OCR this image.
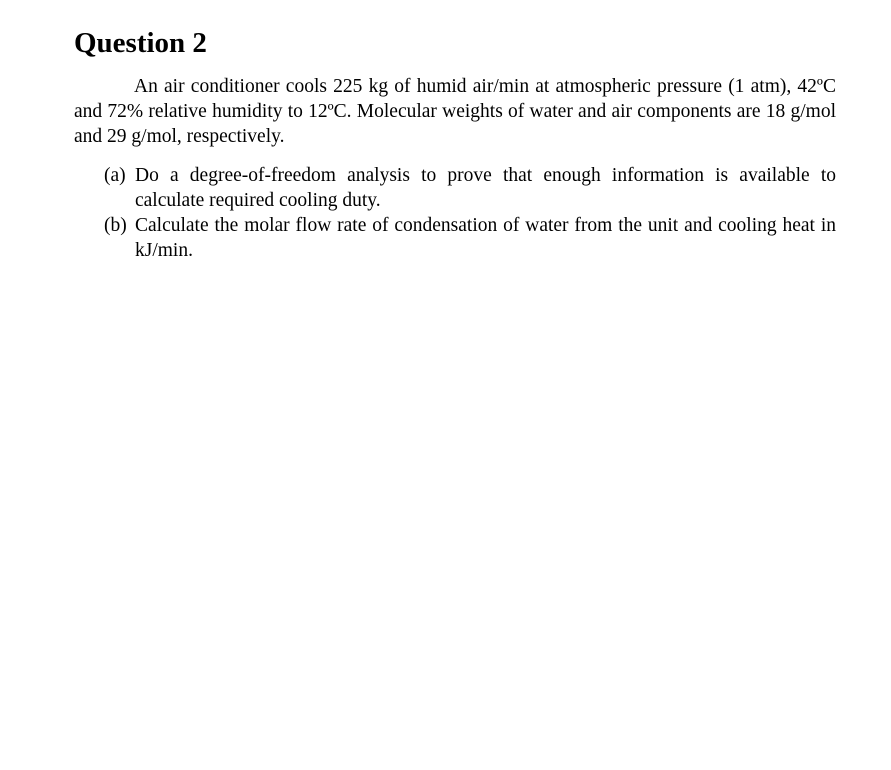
Question 2

An air conditioner cools 225 kg of humid air/min at atmospheric pressure (1 atm), 42ºC and 72% relative humidity to 12ºC. Molecular weights of water and air components are 18 g/mol and 29 g/mol, respectively.

(a) Do a degree-of-freedom analysis to prove that enough information is available to calculate required cooling duty.
(b) Calculate the molar flow rate of condensation of water from the unit and cooling heat in kJ/min.
